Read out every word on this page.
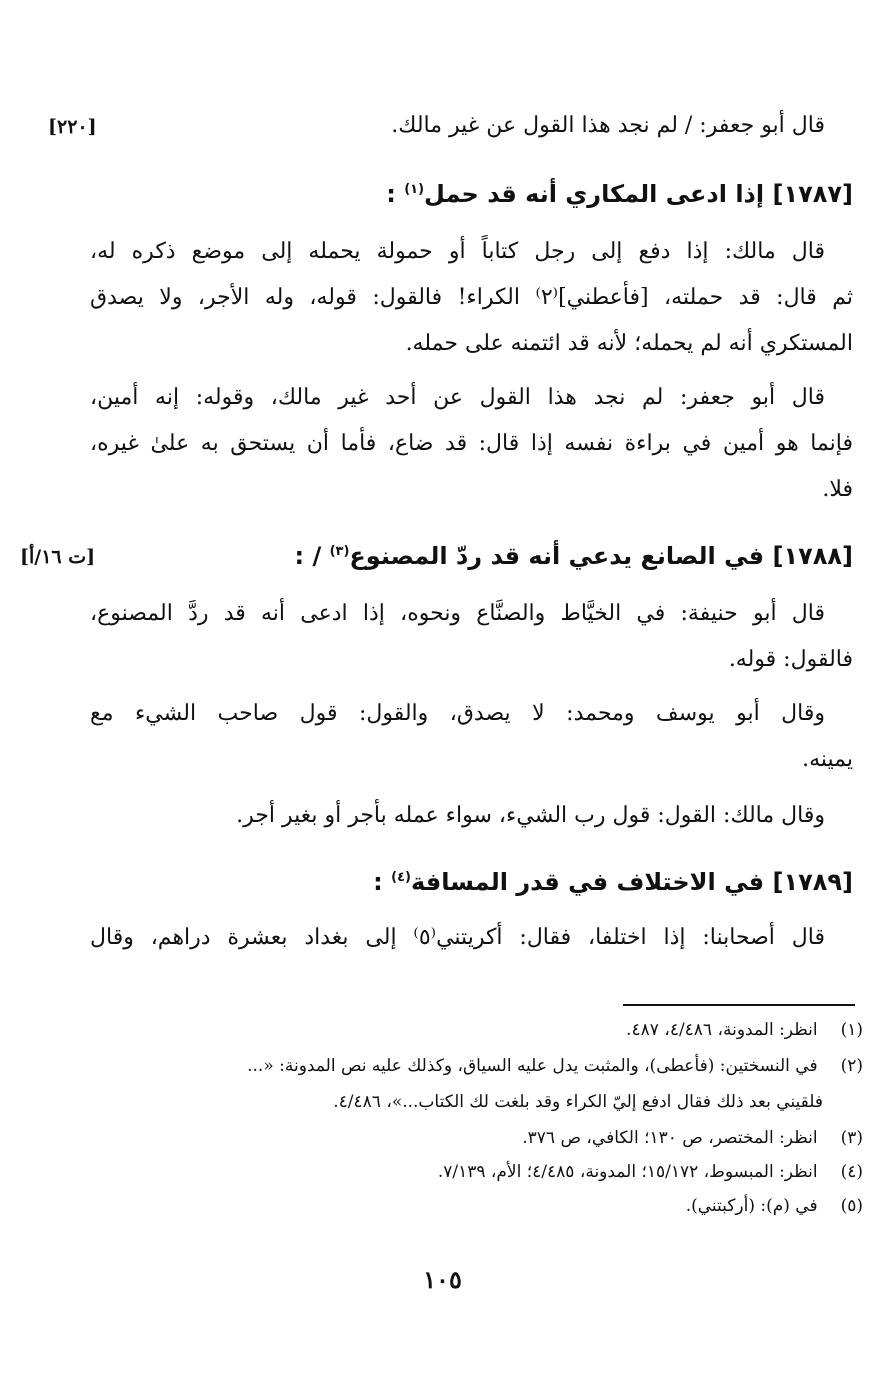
قال أبو جعفر: / لم نجد هذا القول عن غير مالك.
[٢٢٠]
[١٧٨٧] إذا ادعى المكاري أنه قد حمل$^{(١)}$ :
قال مالك: إذا دفع إلى رجل كتاباً أو حمولة يحمله إلى موضع ذكره له،
ثم قال: قد حملته، [فأعطني]⁽٢⁾ الكراء! فالقول: قوله، وله الأجر، ولا يصدق
المستكري أنه لم يحمله؛ لأنه قد ائتمنه على حمله.
قال أبو جعفر: لم نجد هذا القول عن أحد غير مالك، وقوله: إنه أمين،
فإنما هو أمين في براءة نفسه إذا قال: قد ضاع، فأما أن يستحق به علىٰ غيره،
فلا.
[١٧٨٨] في الصانع يدعي أنه قد ردّ المصنوع$^{(٣)}$ / :
[ت ١٦/أ]
قال أبو حنيفة: في الخيَّاط والصنَّاع ونحوه، إذا ادعى أنه قد ردَّ المصنوع،
فالقول: قوله.
وقال أبو يوسف ومحمد: لا يصدق، والقول: قول صاحب الشيء مع
يمينه.
وقال مالك: القول: قول رب الشيء، سواء عمله بأجر أو بغير أجر.
[١٧٨٩] في الاختلاف في قدر المسافة$^{(٤)}$ :
قال أصحابنا: إذا اختلفا، فقال: أكريتني⁽٥⁾ إلى بغداد بعشرة دراهم، وقال
(١) انظر: المدونة، ٤/٤٨٦، ٤٨٧.
(٢) في النسختين: (فأعطى)، والمثبت يدل عليه السياق، وكذلك عليه نص المدونة: «...
فلقيني بعد ذلك فقال ادفع إليّ الكراء وقد بلغت لك الكتاب...»، ٤/٤٨٦.
(٣) انظر: المختصر، ص ١٣٠؛ الكافي، ص ٣٧٦.
(٤) انظر: المبسوط، ١٥/١٧٢؛ المدونة، ٤/٤٨٥؛ الأم، ٧/١٣٩.
(٥) في (م): (أركبتني).
١٠٥
